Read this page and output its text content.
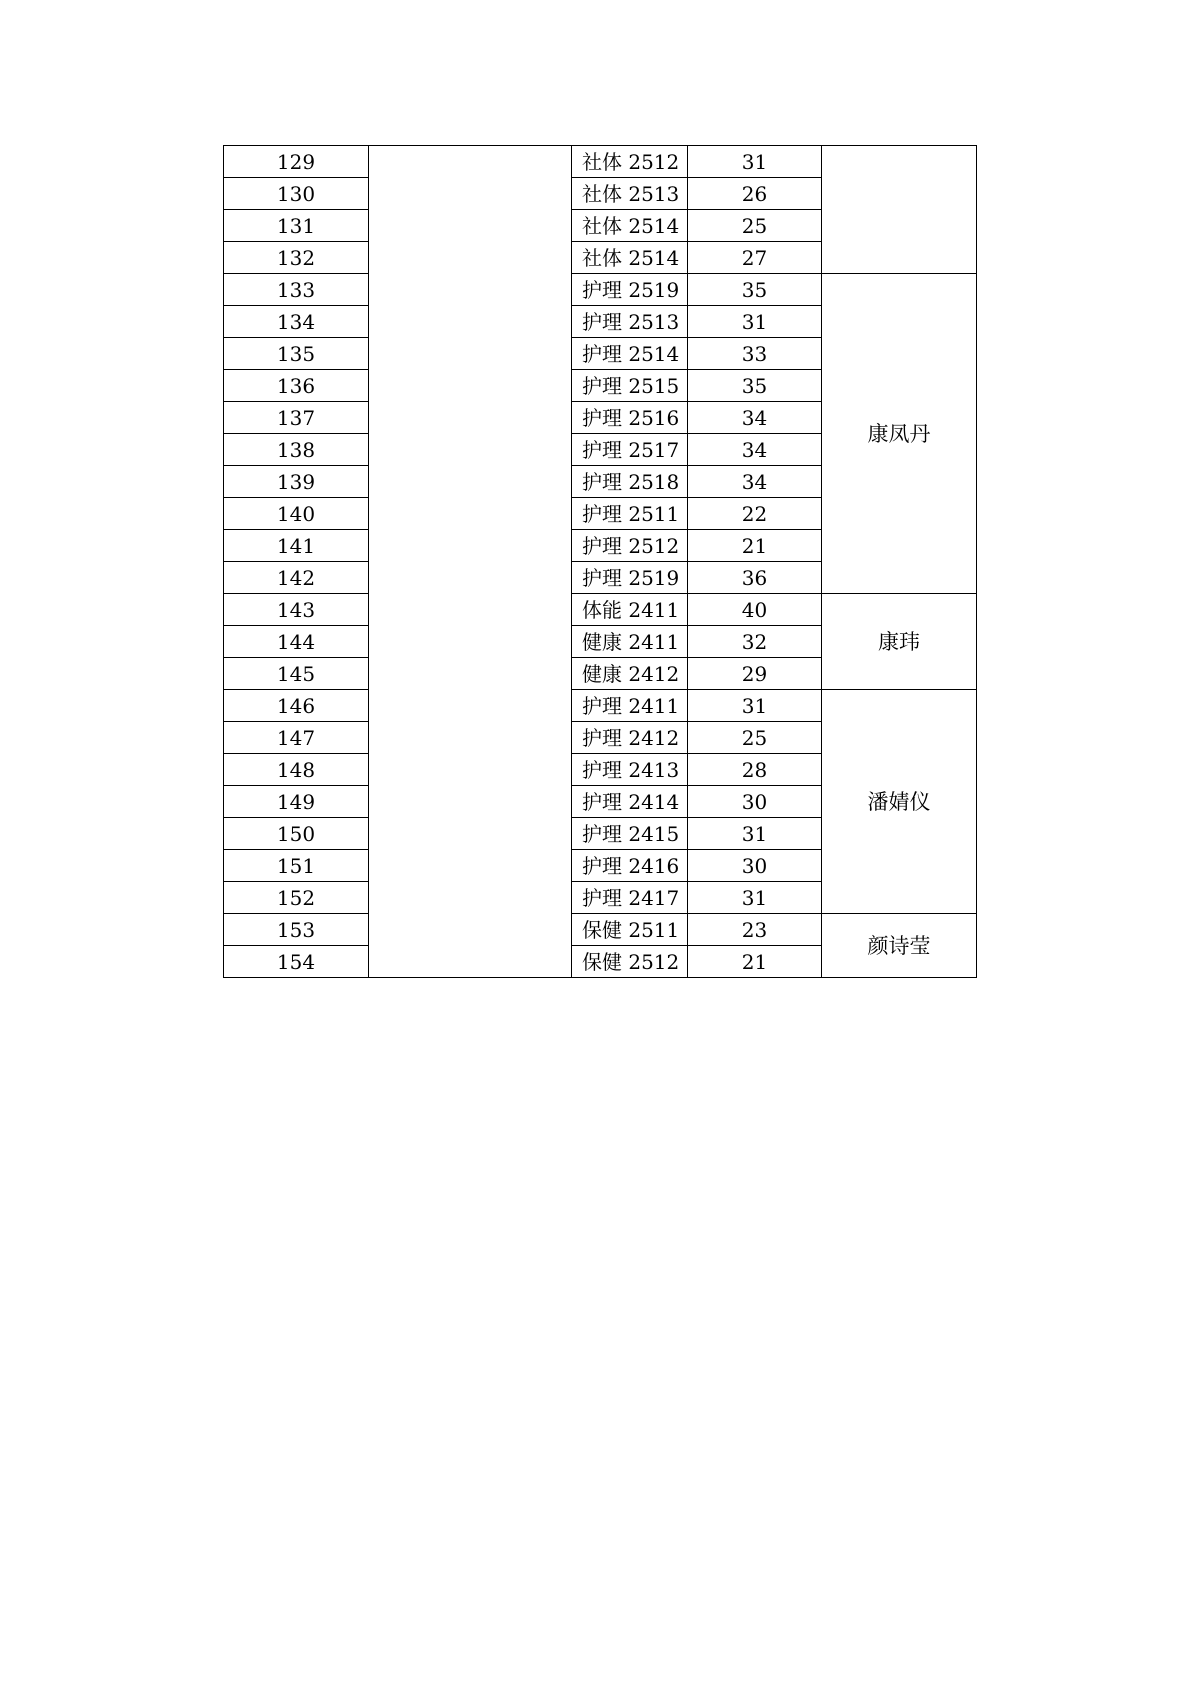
129		社体 2512	31	
130		社体 2513	26	
131		社体 2514	25	
132		社体 2514	27	
133		护理 2519	35	康凤丹
134		护理 2513	31	
135		护理 2514	33	
136		护理 2515	35	
137		护理 2516	34	
138		护理 2517	34	
139		护理 2518	34	
140		护理 2511	22	
141		护理 2512	21	
142		护理 2519	36	
143		体能 2411	40	康玮
144		健康 2411	32	
145		健康 2412	29	
146		护理 2411	31	潘婧仪
147		护理 2412	25	
148		护理 2413	28	
149		护理 2414	30	
150		护理 2415	31	
151		护理 2416	30	
152		护理 2417	31	
153		保健 2511	23	颜诗莹
154		保健 2512	21	
